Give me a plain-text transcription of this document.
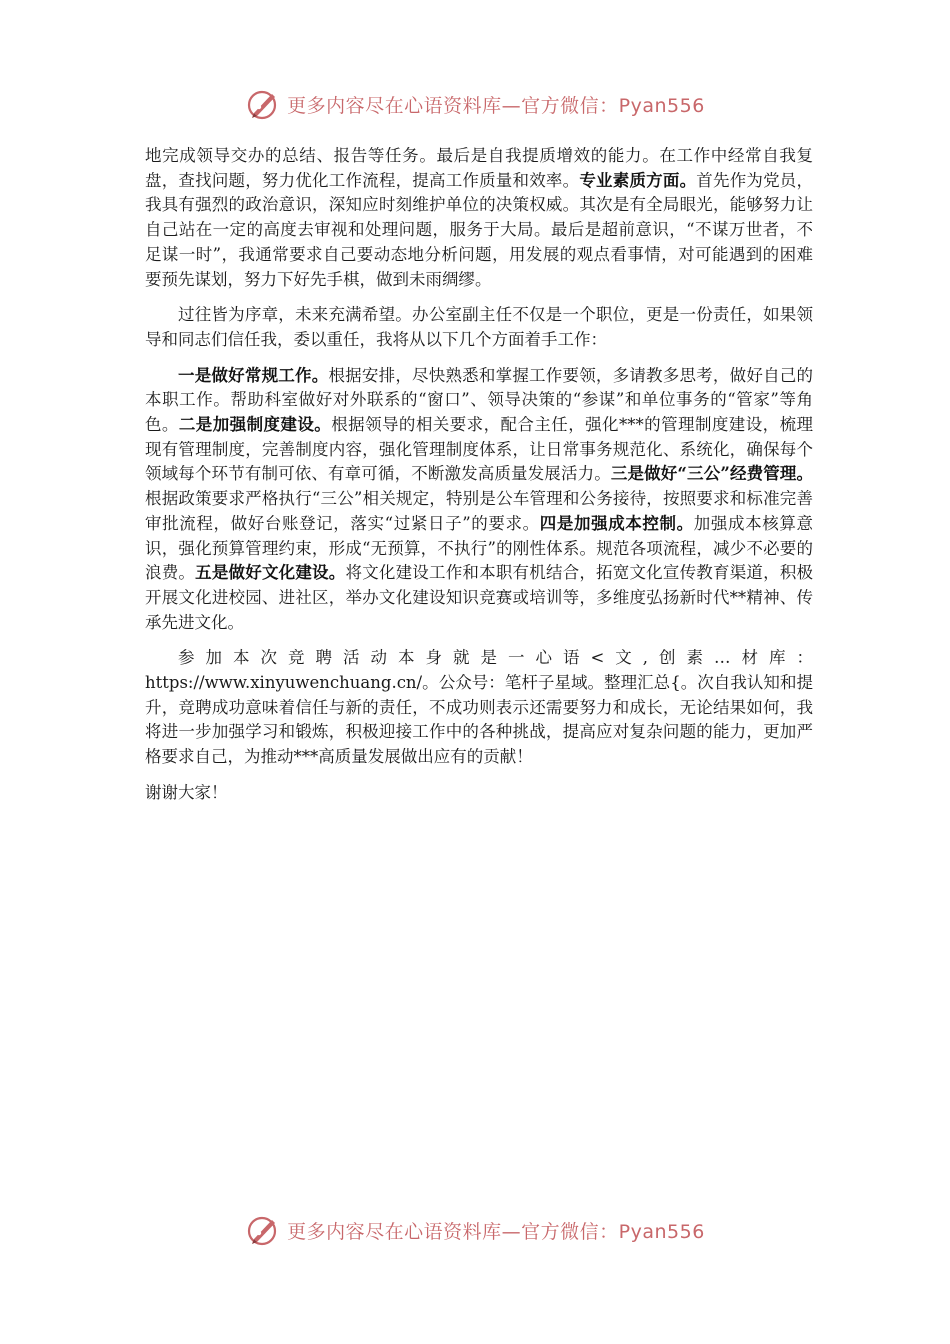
更多内容尽在心语资料库—官方微信：Pyan556

地完成领导交办的总结、报告等任务。最后是自我提质增效的能力。在工作中经常自我复盘，查找问题，努力优化工作流程，提高工作质量和效率。专业素质方面。首先作为党员，我具有强烈的政治意识，深知应时刻维护单位的决策权威。其次是有全局眼光，能够努力让自己站在一定的高度去审视和处理问题，服务于大局。最后是超前意识，“不谋万世者，不足谋一时”，我通常要求自己要动态地分析问题，用发展的观点看事情，对可能遇到的困难要预先谋划，努力下好先手棋，做到未雨绸缪。

过往皆为序章，未来充满希望。办公室副主任不仅是一个职位，更是一份责任，如果领导和同志们信任我，委以重任，我将从以下几个方面着手工作：

一是做好常规工作。根据安排，尽快熟悉和掌握工作要领，多请教多思考，做好自己的本职工作。帮助科室做好对外联系的“窗口”、领导决策的“参谋”和单位事务的“管家”等角色。二是加强制度建设。根据领导的相关要求，配合主任，强化***的管理制度建设，梳理现有管理制度，完善制度内容，强化管理制度体系，让日常事务规范化、系统化，确保每个领域每个环节有制可依、有章可循，不断激发高质量发展活力。三是做好“三公”经费管理。根据政策要求严格执行“三公”相关规定，特别是公车管理和公务接待，按照要求和标准完善审批流程，做好台账登记，落实“过紧日子”的要求。四是加强成本控制。加强成本核算意识，强化预算管理约束，形成“无预算，不执行”的刚性体系。规范各项流程，减少不必要的浪费。五是做好文化建设。将文化建设工作和本职有机结合，拓宽文化宣传教育渠道，积极开展文化进校园、进社区，举办文化建设知识竞赛或培训等，多维度弘扬新时代**精神、传承先进文化。

参加本次竞聘活动本身就是一心语<文,创素…材库：https://www.xinyuwenchuang.cn/。公众号：笔杆子星域。整理汇总{。次自我认知和提升，竞聘成功意味着信任与新的责任，不成功则表示还需要努力和成长，无论结果如何，我将进一步加强学习和锻炼，积极迎接工作中的各种挑战，提高应对复杂问题的能力，更加严格要求自己，为推动***高质量发展做出应有的贡献！

谢谢大家！

更多内容尽在心语资料库—官方微信：Pyan556
